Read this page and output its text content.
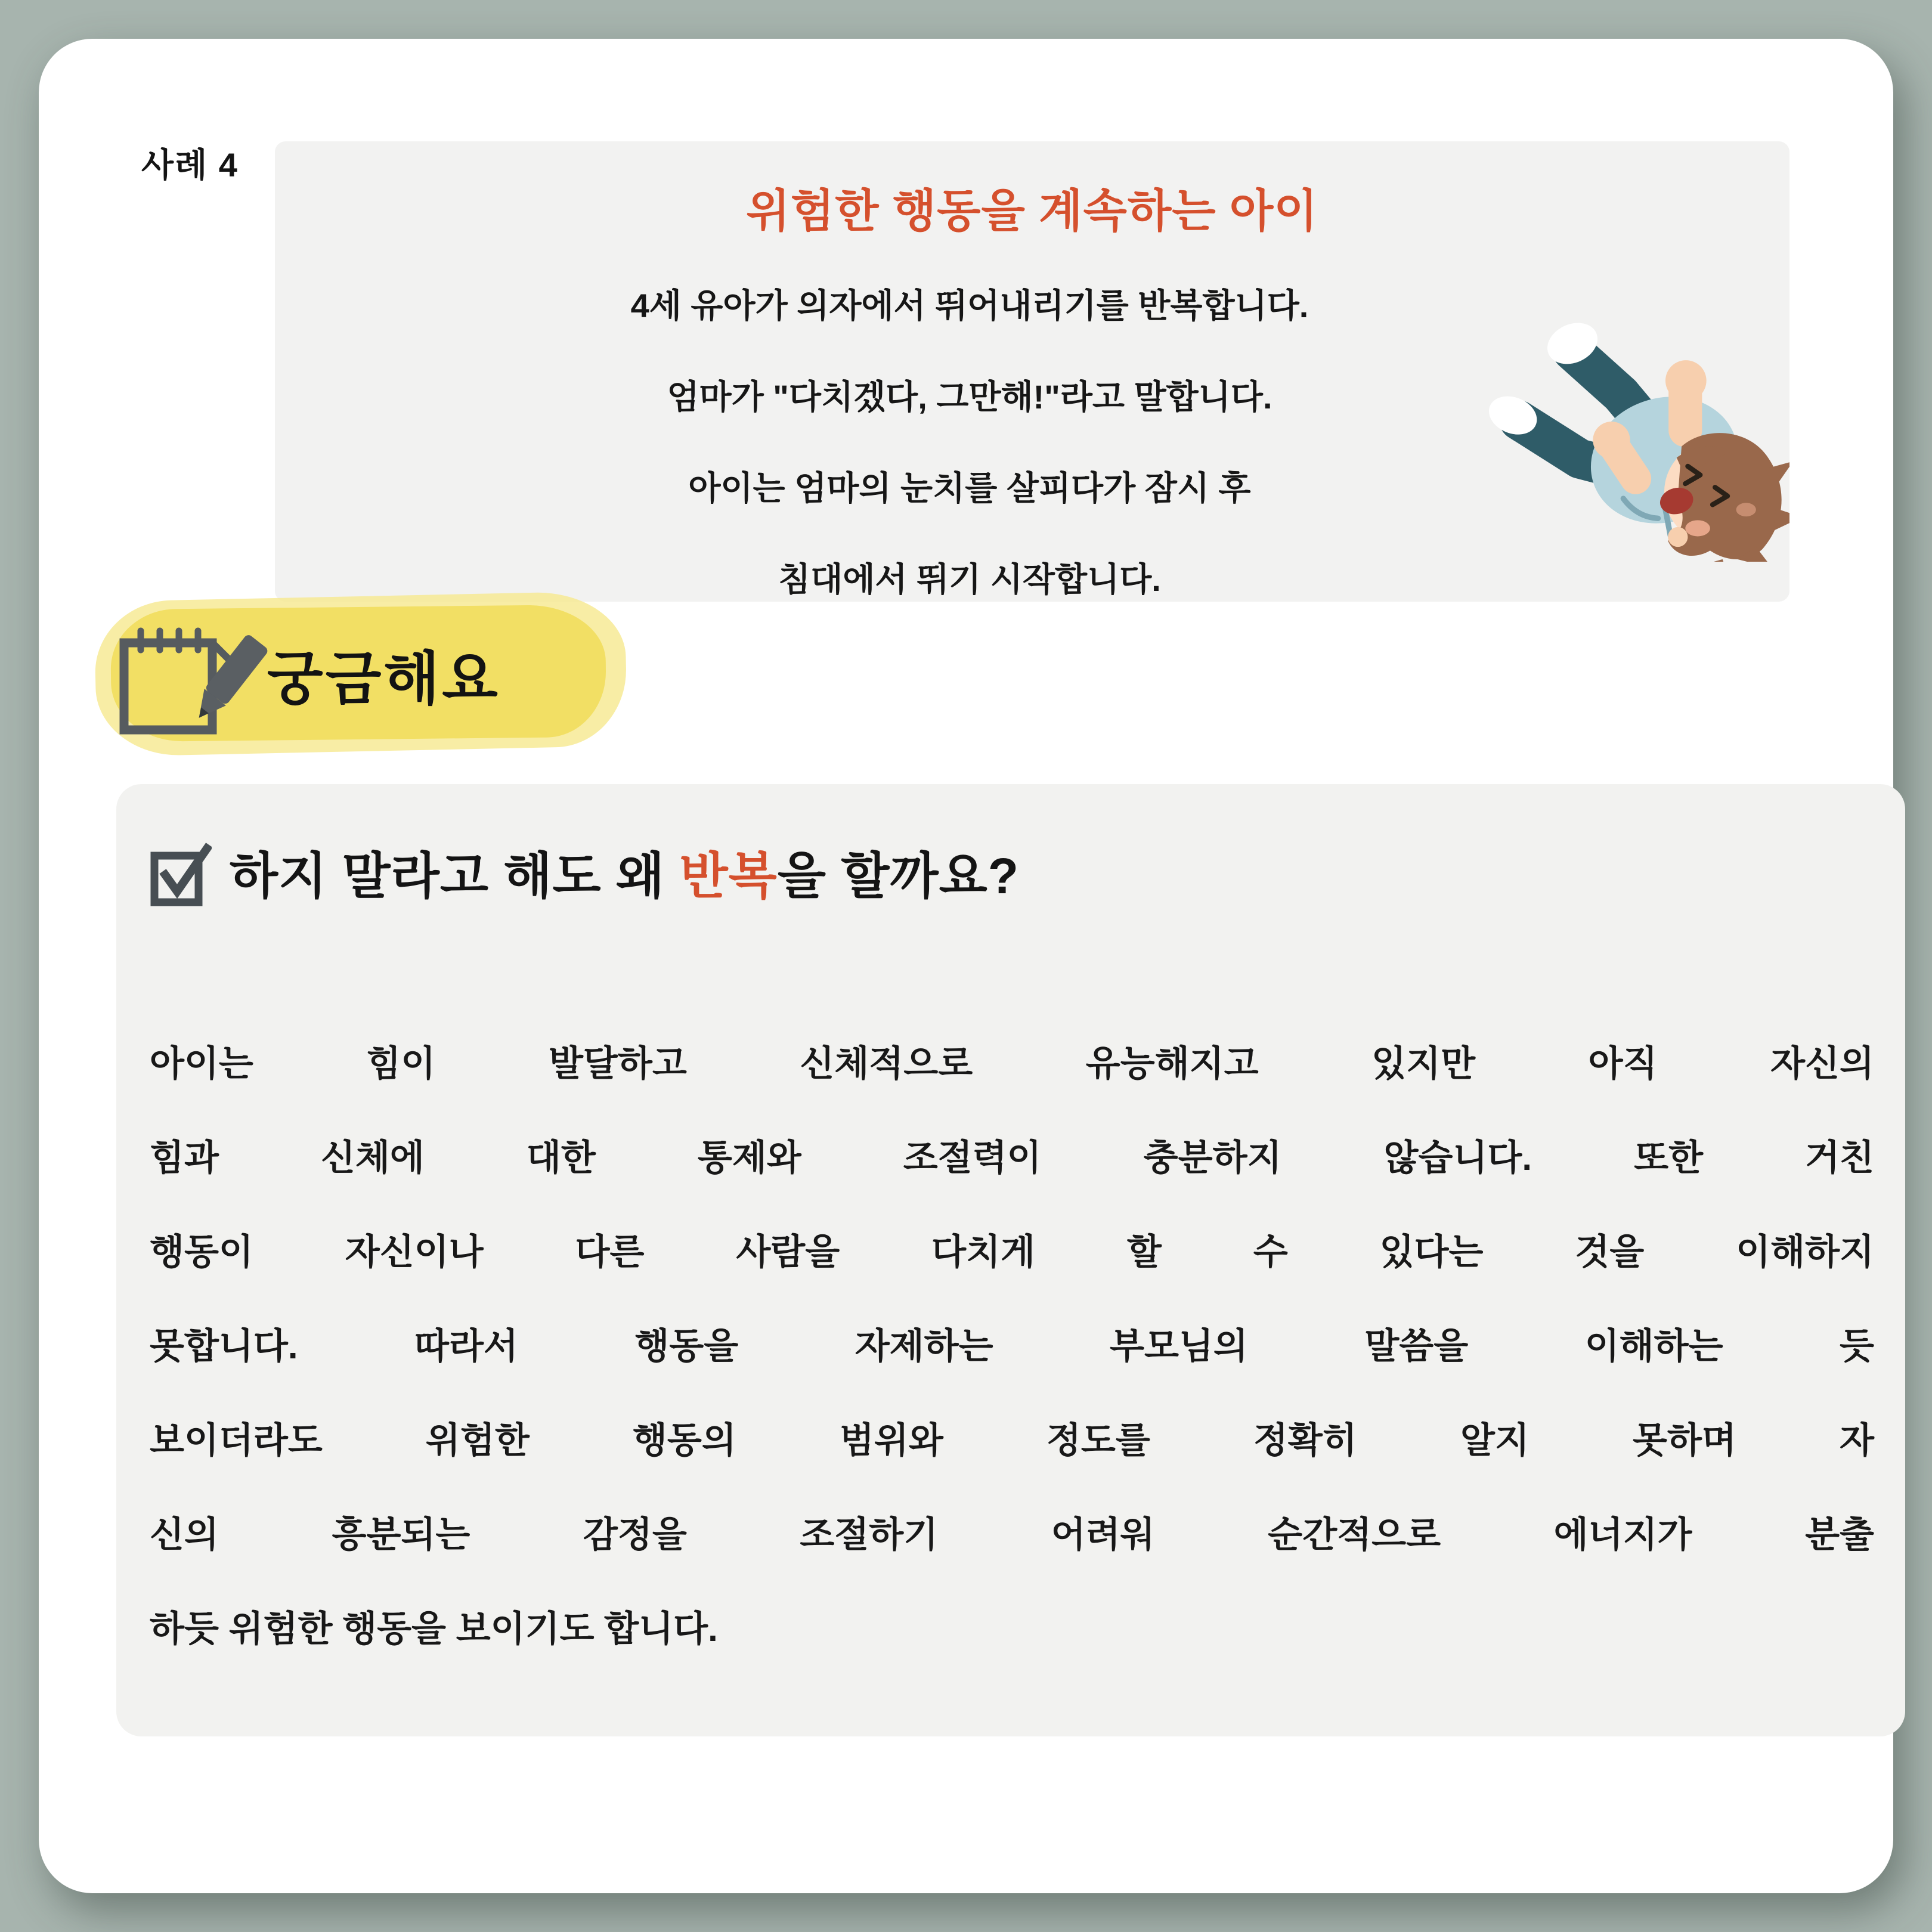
사례 4
위험한 행동을 계속하는 아이
4세 유아가 의자에서 뛰어내리기를 반복합니다.
엄마가 "다치겠다, 그만해!"라고 말합니다.
아이는 엄마의 눈치를 살피다가 잠시 후
침대에서 뛰기 시작합니다.
궁금해요
하지 말라고 해도 왜 반복을 할까요?
아이는 힘이 발달하고 신체적으로 유능해지고 있지만 아직 자신의
힘과 신체에 대한 통제와 조절력이 충분하지 않습니다. 또한 거친
행동이 자신이나 다른 사람을 다치게 할 수 있다는 것을 이해하지
못합니다. 따라서 행동을 자제하는 부모님의 말씀을 이해하는 듯
보이더라도 위험한 행동의 범위와 정도를 정확히 알지 못하며 자
신의 흥분되는 감정을 조절하기 어려워 순간적으로 에너지가 분출
하듯 위험한 행동을 보이기도 합니다.
